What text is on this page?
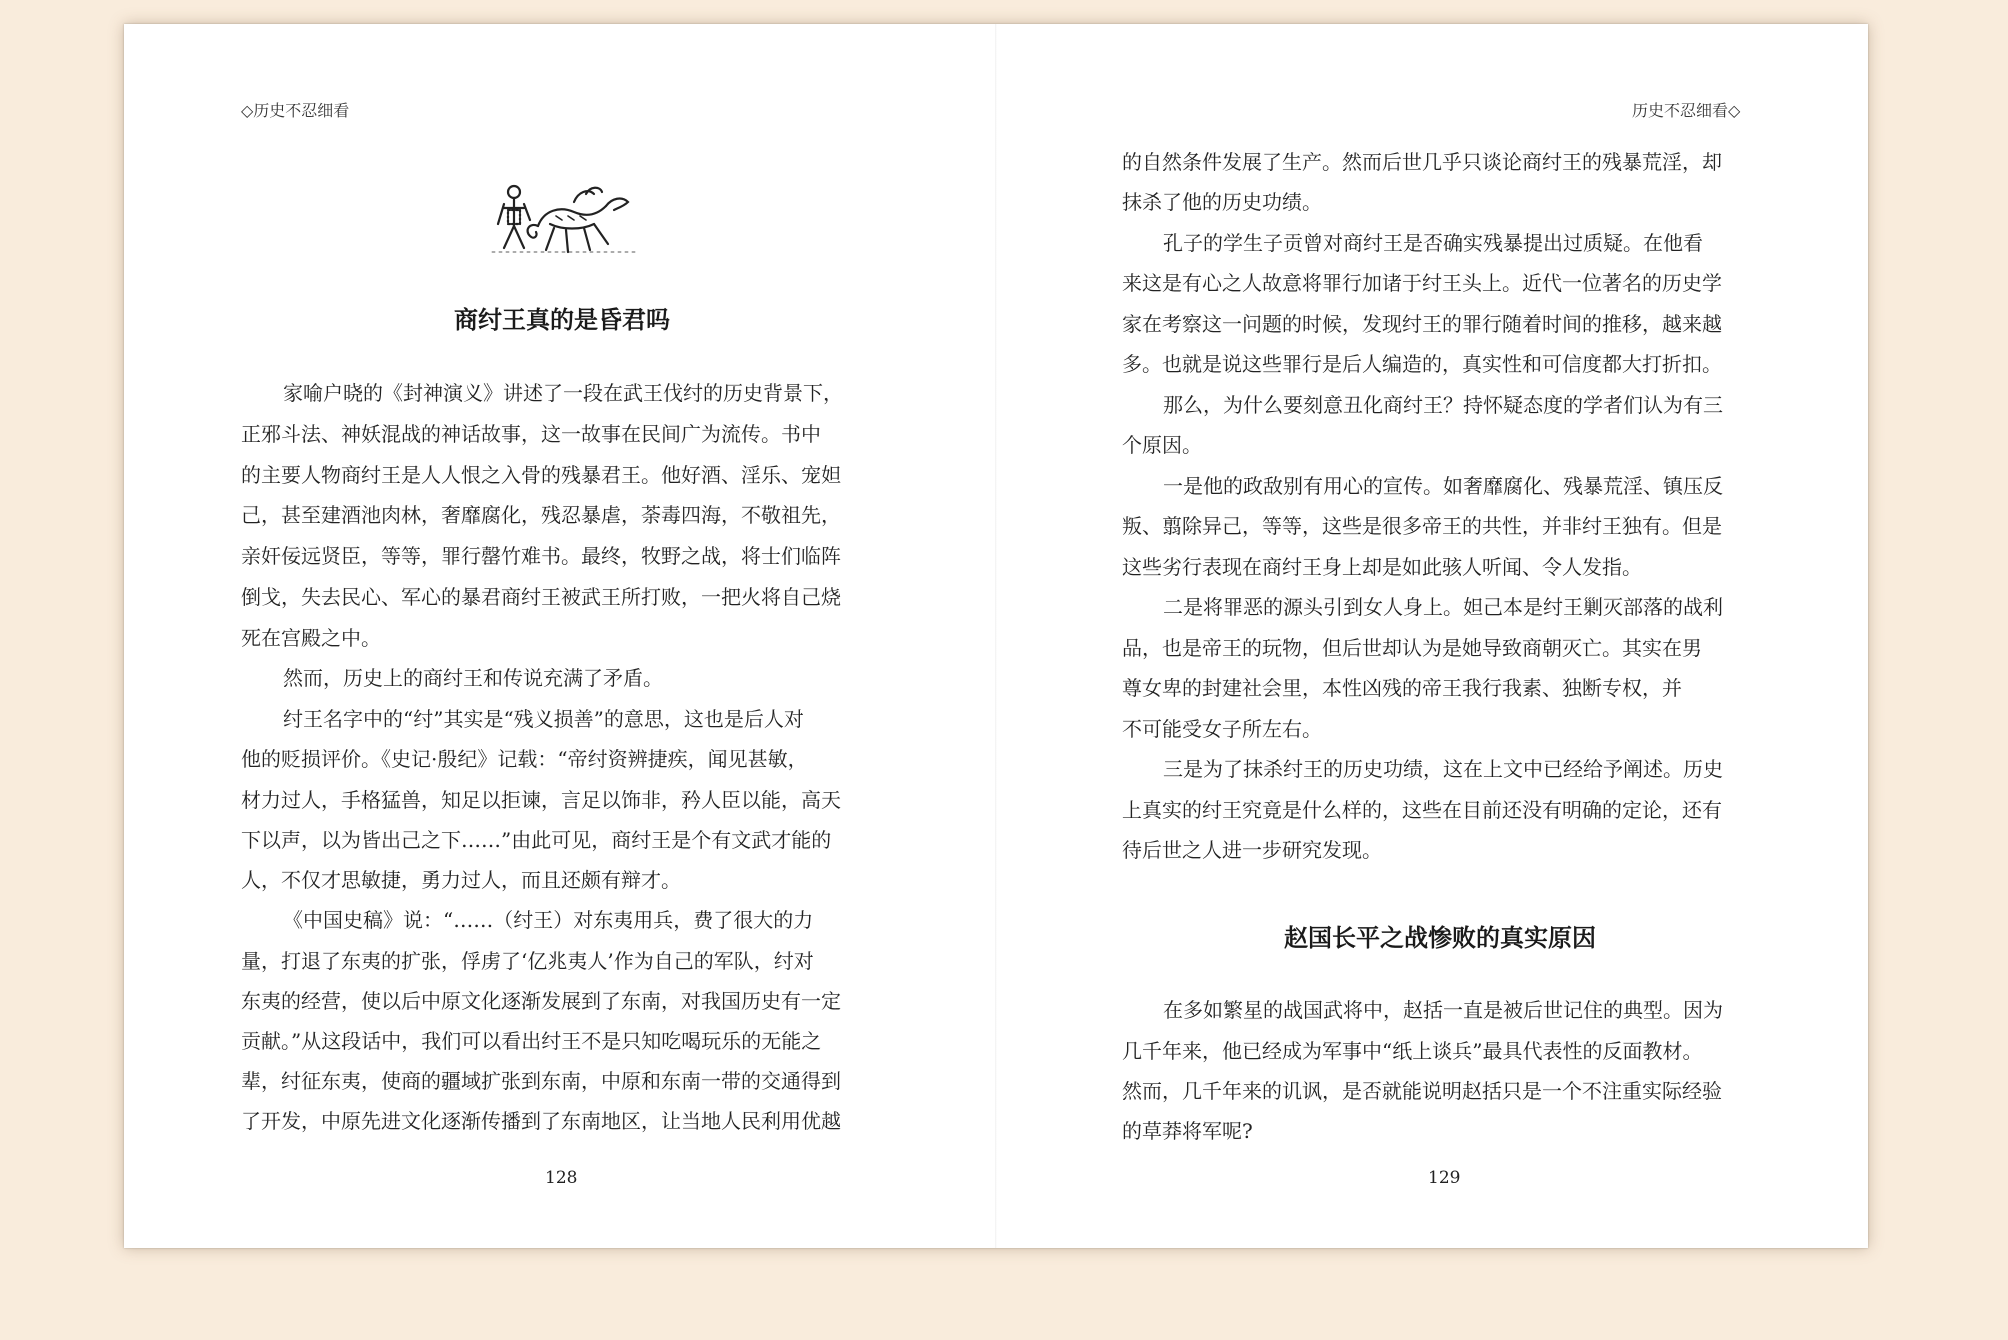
◇历史不忍细看
商纣王真的是昏君吗
家喻户晓的《封神演义》讲述了一段在武王伐纣的历史背景下，
正邪斗法、神妖混战的神话故事，这一故事在民间广为流传。书中
的主要人物商纣王是人人恨之入骨的残暴君王。他好酒、淫乐、宠妲
己，甚至建酒池肉林，奢靡腐化，残忍暴虐，荼毒四海，不敬祖先，
亲奸佞远贤臣，等等，罪行罄竹难书。最终，牧野之战，将士们临阵
倒戈，失去民心、军心的暴君商纣王被武王所打败，一把火将自己烧
死在宫殿之中。
然而，历史上的商纣王和传说充满了矛盾。
纣王名字中的“纣”其实是“残义损善”的意思，这也是后人对
他的贬损评价。《史记·殷纪》记载：“帝纣资辨捷疾，闻见甚敏，
材力过人，手格猛兽，知足以拒谏，言足以饰非，矜人臣以能，高天
下以声，以为皆出己之下……”由此可见，商纣王是个有文武才能的
人，不仅才思敏捷，勇力过人，而且还颇有辩才。
《中国史稿》说：“……（纣王）对东夷用兵，费了很大的力
量，打退了东夷的扩张，俘虏了‘亿兆夷人’作为自己的军队，纣对
东夷的经营，使以后中原文化逐渐发展到了东南，对我国历史有一定
贡献。”从这段话中，我们可以看出纣王不是只知吃喝玩乐的无能之
辈，纣征东夷，使商的疆域扩张到东南，中原和东南一带的交通得到
了开发，中原先进文化逐渐传播到了东南地区，让当地人民利用优越
128
历史不忍细看◇
的自然条件发展了生产。然而后世几乎只谈论商纣王的残暴荒淫，却
抹杀了他的历史功绩。
孔子的学生子贡曾对商纣王是否确实残暴提出过质疑。在他看
来这是有心之人故意将罪行加诸于纣王头上。近代一位著名的历史学
家在考察这一问题的时候，发现纣王的罪行随着时间的推移，越来越
多。也就是说这些罪行是后人编造的，真实性和可信度都大打折扣。
那么，为什么要刻意丑化商纣王？持怀疑态度的学者们认为有三
个原因。
一是他的政敌别有用心的宣传。如奢靡腐化、残暴荒淫、镇压反
叛、翦除异己，等等，这些是很多帝王的共性，并非纣王独有。但是
这些劣行表现在商纣王身上却是如此骇人听闻、令人发指。
二是将罪恶的源头引到女人身上。妲己本是纣王剿灭部落的战利
品，也是帝王的玩物，但后世却认为是她导致商朝灭亡。其实在男
尊女卑的封建社会里，本性凶残的帝王我行我素、独断专权，并
不可能受女子所左右。
三是为了抹杀纣王的历史功绩，这在上文中已经给予阐述。历史
上真实的纣王究竟是什么样的，这些在目前还没有明确的定论，还有
待后世之人进一步研究发现。
赵国长平之战惨败的真实原因
在多如繁星的战国武将中，赵括一直是被后世记住的典型。因为
几千年来，他已经成为军事中“纸上谈兵”最具代表性的反面教材。
然而，几千年来的讥讽，是否就能说明赵括只是一个不注重实际经验
的草莽将军呢?
129
